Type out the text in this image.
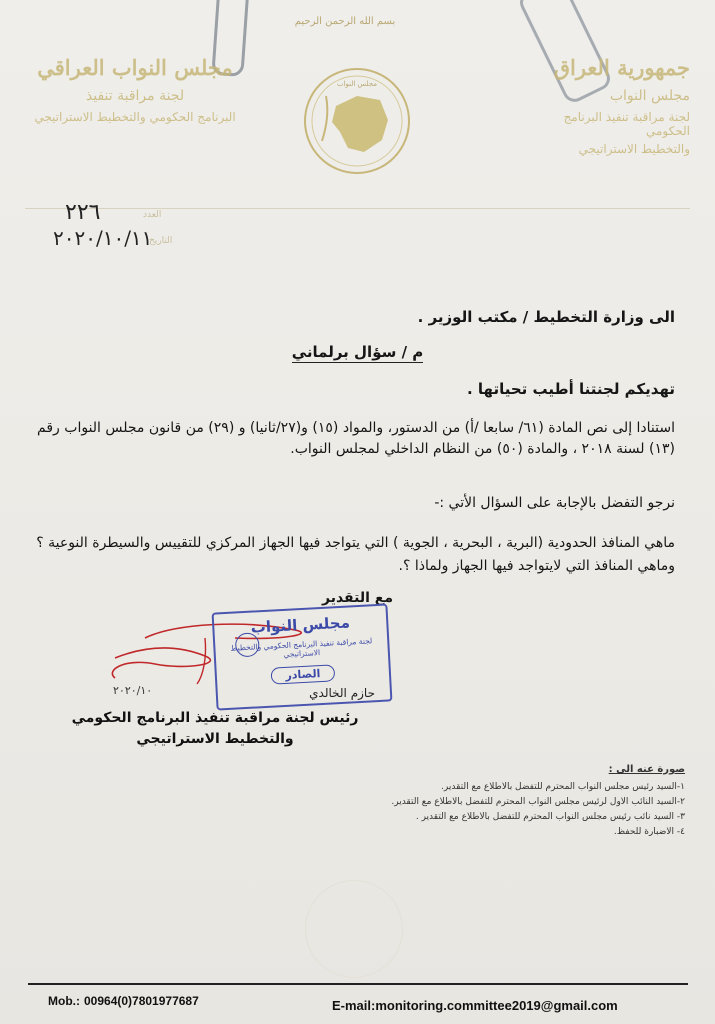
بسم الله الرحمن الرحيم
مجلس النواب العراقي
لجنة مراقبة تنفيذ
البرنامج الحكومي والتخطيط الاستراتيجي
مجلس النواب
جمهورية العراق
مجلس النواب
لجنة مراقبة تنفيذ البرنامج الحكومي
والتخطيط الاستراتيجي
العدد
التاريخ
٢٢٦
٢٠٢٠/١٠/١١
الى وزارة التخطيط / مكتب الوزير .
م / سؤال برلماني
تهديكم لجنتنا أطيب تحياتها .
استنادا إلى نص المادة (٦١/ سابعا /أ) من الدستور، والمواد (١٥) و(٢٧/ثانيا) و (٢٩) من قانون مجلس النواب رقم (١٣) لسنة ٢٠١٨ ، والمادة (٥٠) من النظام الداخلي لمجلس النواب.
نرجو التفضل بالإجابة على السؤال الأتي :-
ماهي المنافذ الحدودية (البرية ، البحرية ، الجوية ) التي يتواجد فيها الجهاز المركزي للتقييس والسيطرة النوعية ؟ وماهي المنافذ التي لايتواجد فيها الجهاز ولماذا ؟.
مع التقدير
٢٠٢٠/١٠
مجلس النواب
لجنة مراقبة تنفيذ البرنامج الحكومي والتخطيط الاستراتيجي
الصادر
حازم الخالدي
رئيس لجنة مراقبة تنفيذ البرنامج الحكومي
والتخطيط الاستراتيجي
صورة عنه الى :
١-السيد رئيس مجلس النواب المحترم للتفضل بالاطلاع مع التقدير.
٢-السيد النائب الاول لرئيس مجلس النواب المحترم للتفضل بالاطلاع مع التقدير.
٣- السيد نائب رئيس مجلس النواب المحترم للتفضل بالاطلاع مع التقدير .
٤- الاضبارة للحفظ.
Mob.: 00964(0)7801977687	E-mail:monitoring.committee2019@gmail.com
